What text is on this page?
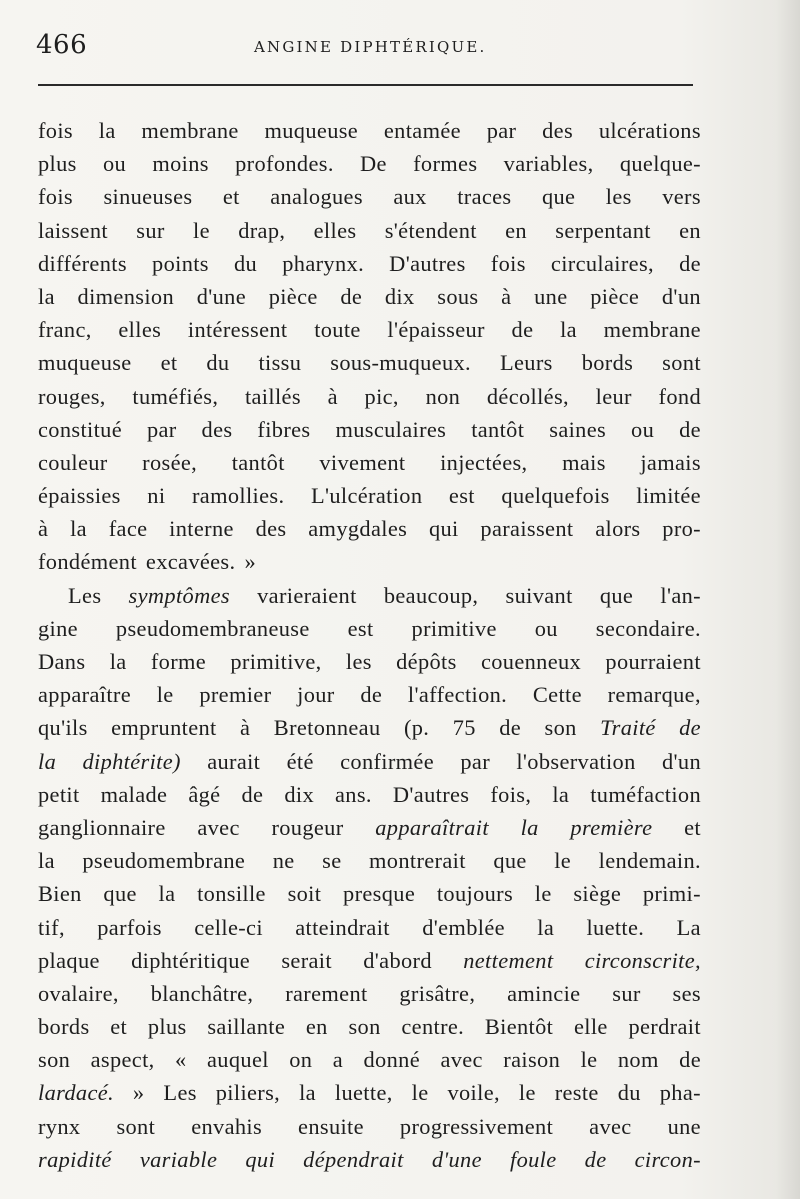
466	ANGINE DIPHTÉRIQUE.
fois la membrane muqueuse entamée par des ulcérations
plus ou moins profondes. De formes variables, quelque-
fois sinueuses et analogues aux traces que les vers
laissent sur le drap, elles s'étendent en serpentant en
différents points du pharynx. D'autres fois circulaires, de
la dimension d'une pièce de dix sous à une pièce d'un
franc, elles intéressent toute l'épaisseur de la membrane
muqueuse et du tissu sous-muqueux. Leurs bords sont
rouges, tuméfiés, taillés à pic, non décollés, leur fond
constitué par des fibres musculaires tantôt saines ou de
couleur rosée, tantôt vivement injectées, mais jamais
épaissies ni ramollies. L'ulcération est quelquefois limitée
à la face interne des amygdales qui paraissent alors pro-
fondément excavées. »
Les symptômes varieraient beaucoup, suivant que l'an-
gine pseudomembraneuse est primitive ou secondaire.
Dans la forme primitive, les dépôts couenneux pourraient
apparaître le premier jour de l'affection. Cette remarque,
qu'ils empruntent à Bretonneau (p. 75 de son Traité de
la diphtérite) aurait été confirmée par l'observation d'un
petit malade âgé de dix ans. D'autres fois, la tuméfaction
ganglionnaire avec rougeur apparaîtrait la première et
la pseudomembrane ne se montrerait que le lendemain.
Bien que la tonsille soit presque toujours le siège primi-
tif, parfois celle-ci atteindrait d'emblée la luette. La
plaque diphtéritique serait d'abord nettement circonscrite,
ovalaire, blanchâtre, rarement grisâtre, amincie sur ses
bords et plus saillante en son centre. Bientôt elle perdrait
son aspect, « auquel on a donné avec raison le nom de
lardacé. » Les piliers, la luette, le voile, le reste du pha-
rynx sont envahis ensuite progressivement avec une
rapidité variable qui dépendrait d'une foule de circon-
